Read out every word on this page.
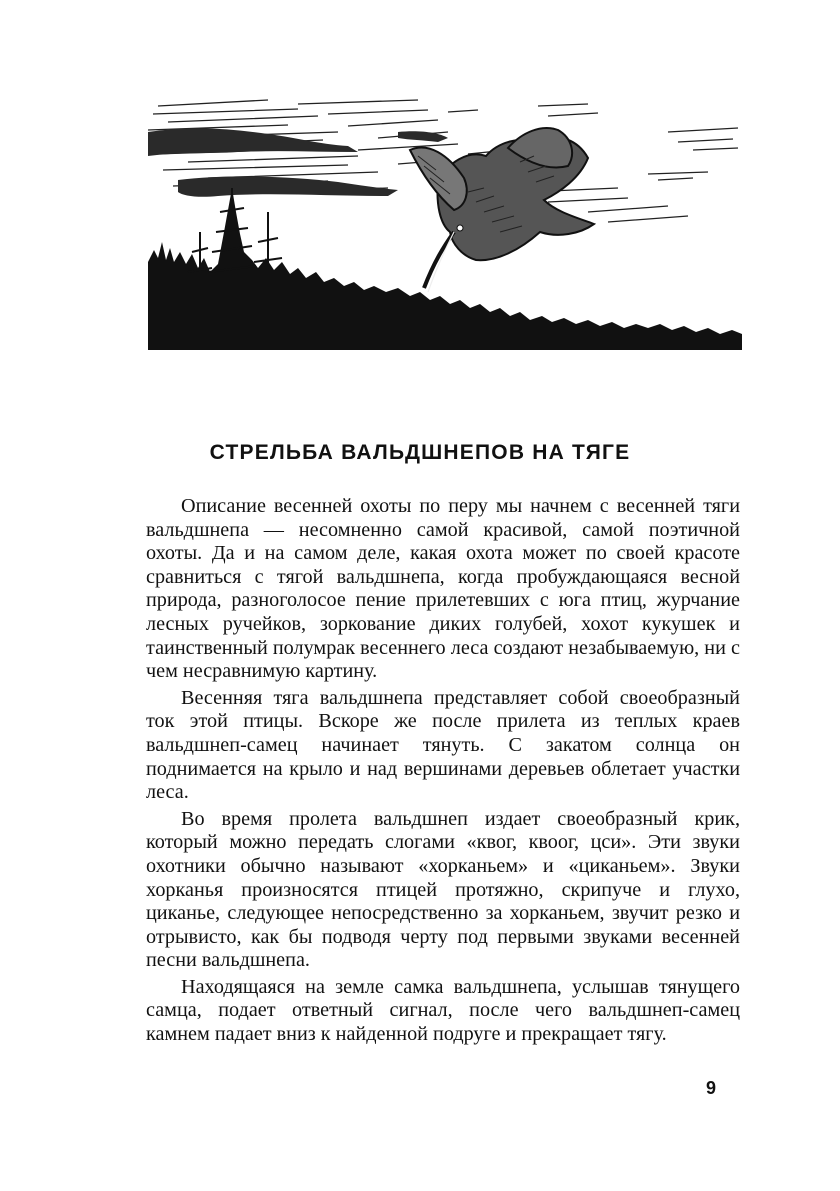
СТРЕЛЬБА ВАЛЬДШНЕПОВ НА ТЯГЕ

Описание весенней охоты по перу мы начнем с весенней тяги вальдшнепа — несомненно самой красивой, самой поэтичной охоты. Да и на самом деле, какая охота может по своей красоте сравниться с тягой вальдшнепа, когда пробуждающаяся весной природа, разноголосое пение прилетевших с юга птиц, журчание лесных ручейков, зоркование диких голубей, хохот кукушек и таинственный полумрак весеннего леса создают незабываемую, ни с чем несравнимую картину.

Весенняя тяга вальдшнепа представляет собой своеобразный ток этой птицы. Вскоре же после прилета из теплых краев вальдшнеп-самец начинает тянуть. С закатом солнца он поднимается на крыло и над вершинами деревьев облетает участки леса.

Во время пролета вальдшнеп издает своеобразный крик, который можно передать слогами «квог, квоог, цси». Эти звуки охотники обычно называют «хорканьем» и «циканьем». Звуки хорканья произносятся птицей протяжно, скрипуче и глухо, циканье, следующее непосредственно за хорканьем, звучит резко и отрывисто, как бы подводя черту под первыми звуками весенней песни вальдшнепа.

Находящаяся на земле самка вальдшнепа, услышав тянущего самца, подает ответный сигнал, после чего вальдшнеп-самец камнем падает вниз к найденной подруге и прекращает тягу.

9
